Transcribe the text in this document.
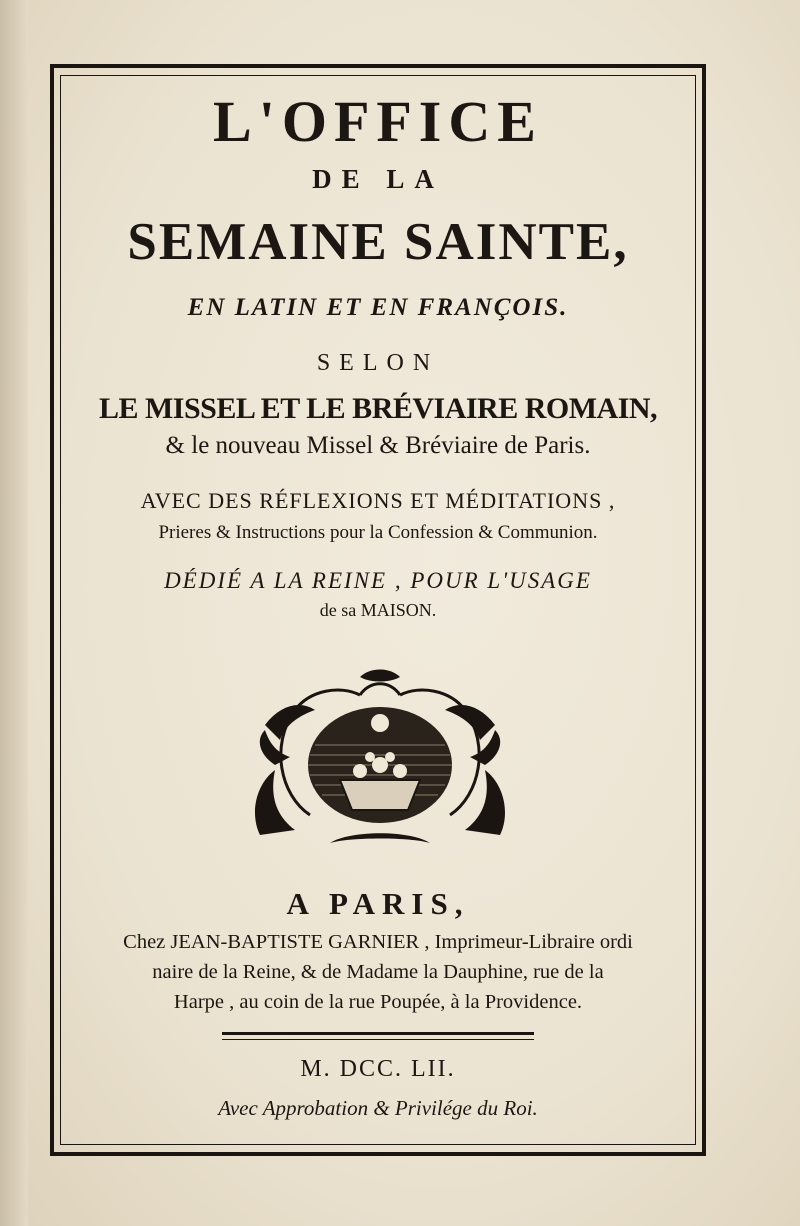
L'OFFICE
DE LA
SEMAINE SAINTE,
EN LATIN ET EN FRANÇOIS.
SELON
LE MISSEL ET LE BRÉVIAIRE ROMAIN,
& le nouveau Missel & Bréviaire de Paris.
AVEC DES RÉFLEXIONS ET MÉDITATIONS ,
Prieres & Instructions pour la Confession & Communion.
DÉDIÉ A LA REINE , POUR L'USAGE
de sa MAISON.
A PARIS,
Chez JEAN-BAPTISTE GARNIER , Imprimeur-Libraire ordi
naire de la Reine, & de Madame la Dauphine, rue de la
Harpe , au coin de la rue Poupée, à la Providence.
M. DCC. LII.
Avec Approbation & Privilége du Roi.
